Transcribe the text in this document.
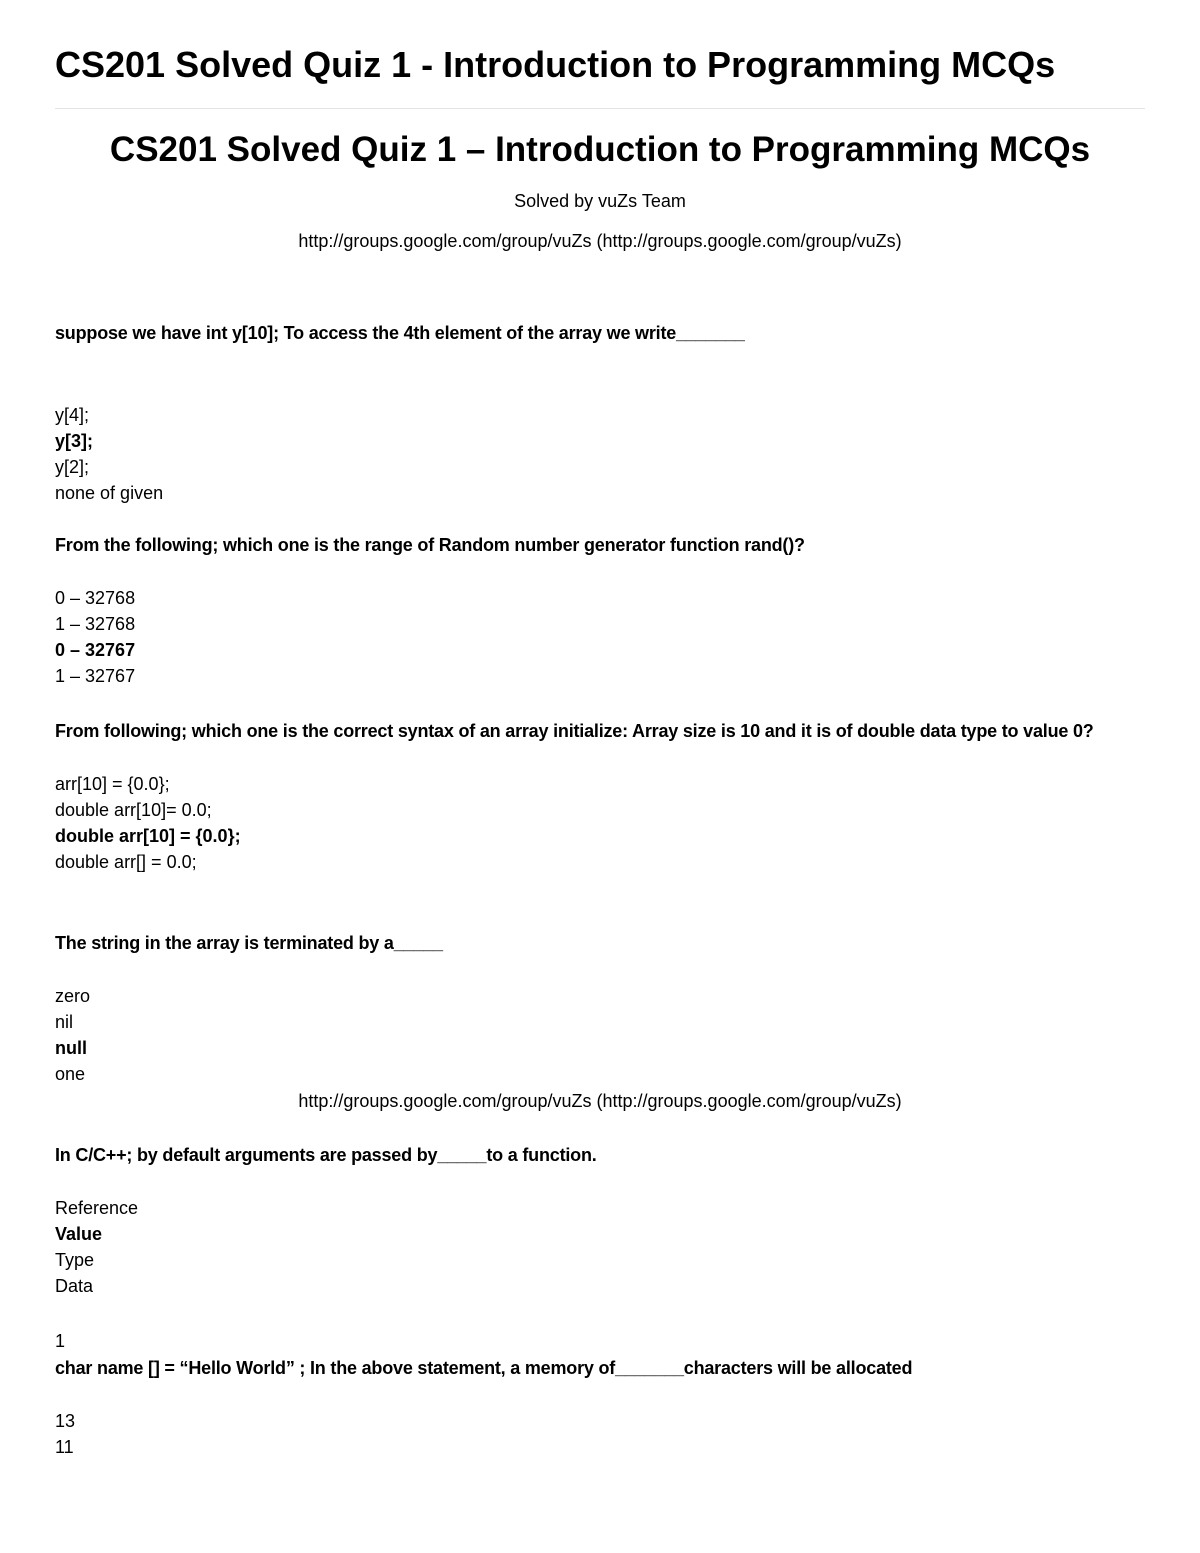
CS201 Solved Quiz 1 - Introduction to Programming MCQs
CS201 Solved Quiz 1 – Introduction to Programming MCQs
Solved by vuZs Team
http://groups.google.com/group/vuZs (http://groups.google.com/group/vuZs)
suppose we have int y[10]; To access the 4th element of the array we write_______
y[4];
y[3];
y[2];
none of given
From the following; which one is the range of Random number generator function rand()?
0 – 32768
1 – 32768
0 – 32767
1 – 32767
From following; which one is the correct syntax of an array initialize: Array size is 10 and it is of double data type to value 0?
arr[10] = {0.0};
double arr[10]= 0.0;
double arr[10] = {0.0};
double arr[] = 0.0;
The string in the array is terminated by a_____
zero
nil
null
one
http://groups.google.com/group/vuZs (http://groups.google.com/group/vuZs)
In C/C++; by default arguments are passed by_____to a function.
Reference
Value
Type
Data
1
char name [] = “Hello World” ; In the above statement, a memory of_______characters will be allocated
13
11
